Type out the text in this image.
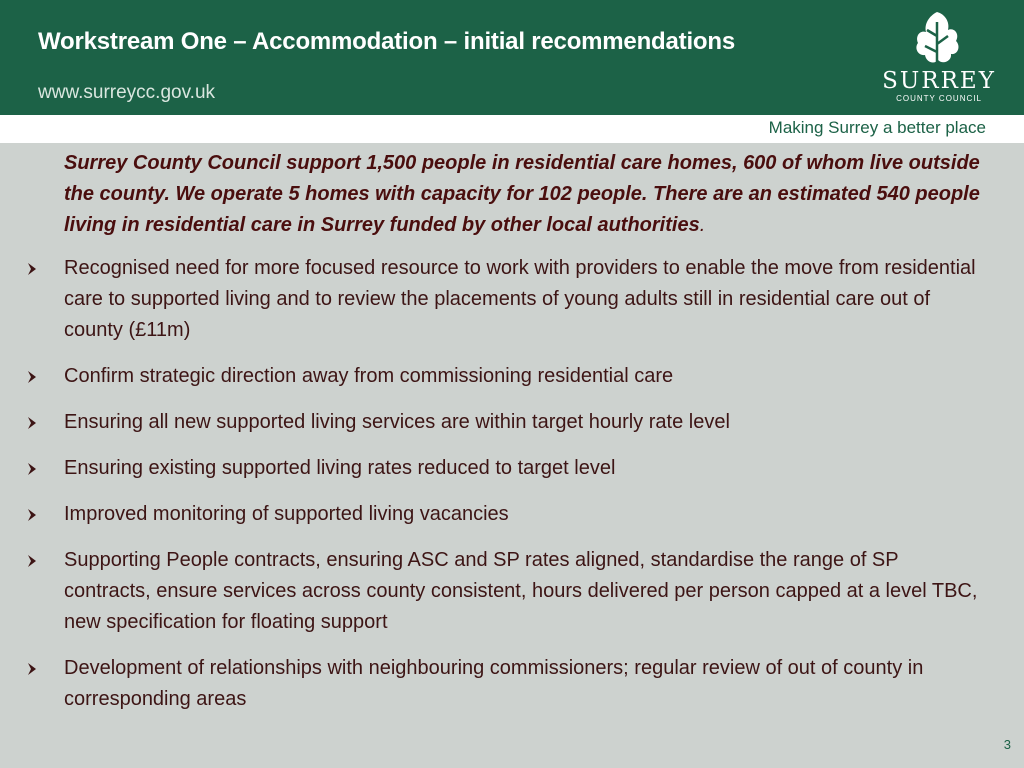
Workstream One – Accommodation – initial recommendations
www.surreycc.gov.uk	SURREY
COUNTY COUNCIL
Making Surrey a better place
Surrey County Council support 1,500 people in residential care homes, 600 of whom live outside the county. We operate 5 homes with capacity for 102 people. There are an estimated 540 people living in residential care in Surrey funded by other local authorities.
Recognised need for more focused resource to work with providers to enable the move from residential care to supported living and to review the placements of young adults still in residential care out of county (£11m)
Confirm strategic direction away from commissioning residential care
Ensuring all new supported living services are within target hourly rate level
Ensuring existing supported living rates reduced to target level
Improved monitoring of supported living vacancies
Supporting People contracts, ensuring ASC and SP rates aligned, standardise the range of SP contracts, ensure services across county consistent, hours delivered per person capped at a level TBC, new specification for floating support
Development of relationships with neighbouring commissioners; regular review of out of county in corresponding areas
3
